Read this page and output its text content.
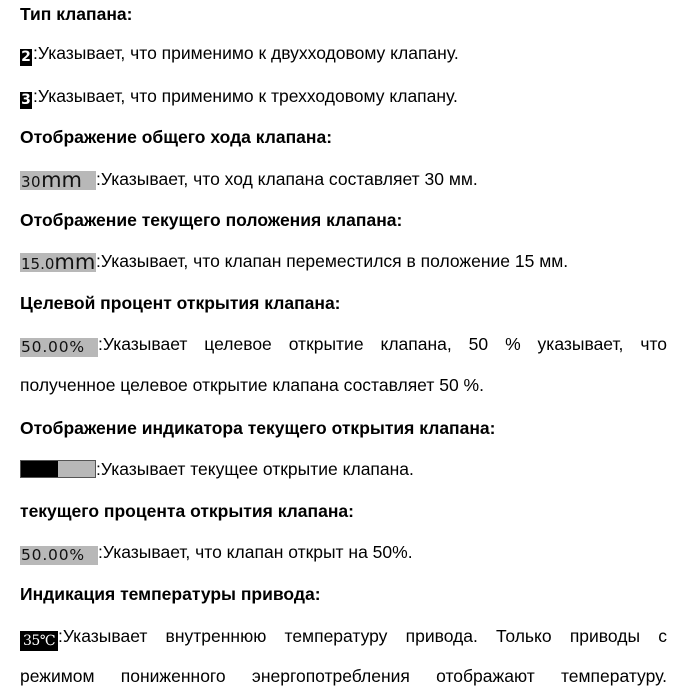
Тип клапана:
2 :Указывает, что применимо к двухходовому клапану.
3 :Указывает, что применимо к трехходовому клапану.
Отображение общего хода клапана:
30mm :Указывает, что ход клапана составляет 30 мм.
Отображение текущего положения клапана:
15.0mm:Указывает, что клапан переместился в положение 15 мм.
Целевой процент открытия клапана:
50.00% :Указывает целевое открытие клапана, 50 % указывает, что
полученное целевое открытие клапана составляет 50 %.
Отображение индикатора текущего открытия клапана:
:Указывает текущее открытие клапана.
текущего процента открытия клапана:
50.00% :Указывает, что клапан открыт на 50%.
Индикация температуры привода:
35℃ :Указывает внутреннюю температуру привода. Только приводы с
режимом пониженного энергопотребления отображают температуру.
